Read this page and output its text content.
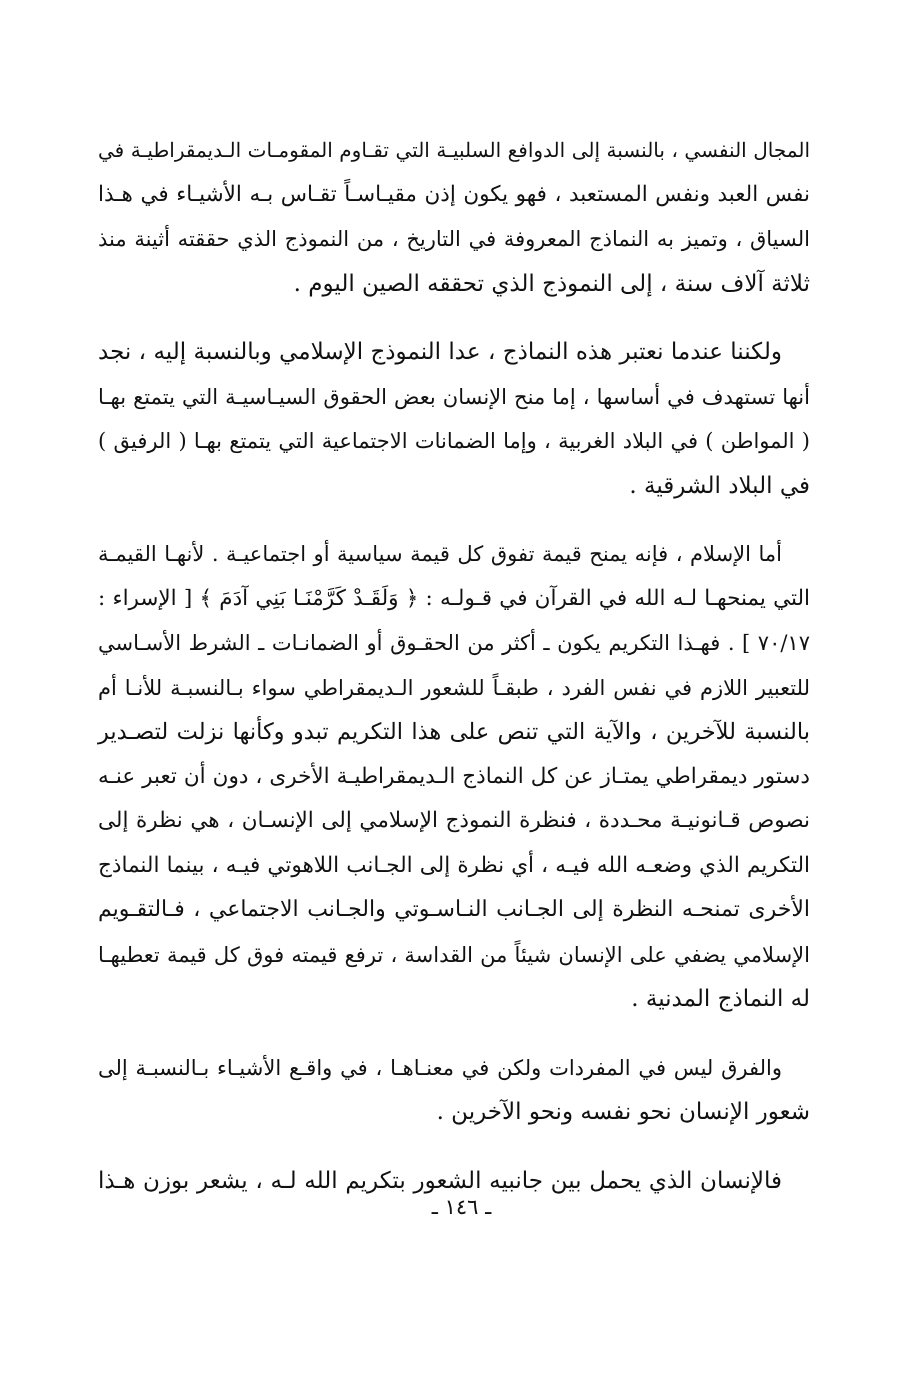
المجال النفسي ، بالنسبة إلى الدوافع السلبيـة التي تقـاوم المقومـات الـديمقراطيـة في
نفس العبد ونفس المستعبد ، فهو يكون إذن مقيـاسـاً تقـاس بـه الأشيـاء في هـذا
السياق ، وتميز به النماذج المعروفة في التاريخ ، من النموذج الذي حققته أثينة منذ
ثلاثة آلاف سنة ، إلى النموذج الذي تحققه الصين اليوم .
ولكننا عندما نعتبر هذه النماذج ، عدا النموذج الإسلامي وبالنسبة إليه ، نجد
أنها تستهدف في أساسها ، إما منح الإنسان بعض الحقوق السيـاسيـة التي يتمتع بهـا
( المواطن ) في البلاد الغربية ، وإما الضمانات الاجتماعية التي يتمتع بهـا ( الرفيق )
في البلاد الشرقية .
أما الإسلام ، فإنه يمنح قيمة تفوق كل قيمة سياسية أو اجتماعيـة . لأنهـا القيمـة
التي يمنحهـا لـه الله في القرآن في قـولـه : ﴿ وَلَقَـدْ كَرَّمْنَـا بَنِي آدَمَ ﴾ [ الإسراء :
٧٠/١٧ ] . فهـذا التكريم يكون ـ أكثر من الحقـوق أو الضمانـات ـ الشرط الأسـاسي
للتعبير اللازم في نفس الفرد ، طبقـاً للشعور الـديمقراطي سواء بـالنسبـة للأنـا أم
بالنسبة للآخرين ، والآية التي تنص على هذا التكريم تبدو وكأنها نزلت لتصـدير
دستور ديمقراطي يمتـاز عن كل النماذج الـديمقراطيـة الأخرى ، دون أن تعبر عنـه
نصوص قـانونيـة محـددة ، فنظرة النموذج الإسلامي إلى الإنسـان ، هي نظرة إلى
التكريم الذي وضعـه الله فيـه ، أي نظرة إلى الجـانب اللاهوتي فيـه ، بينما النماذج
الأخرى تمنحـه النظرة إلى الجـانب النـاسـوتي والجـانب الاجتماعي ، فـالتقـويم
الإسلامي يضفي على الإنسان شيئاً من القداسة ، ترفع قيمته فوق كل قيمة تعطيهـا
له النماذج المدنية .
والفرق ليس في المفردات ولكن في معنـاهـا ، في واقـع الأشيـاء بـالنسبـة إلى
شعور الإنسان نحو نفسه ونحو الآخرين .
فالإنسان الذي يحمل بين جانبيه الشعور بتكريم الله لـه ، يشعر بوزن هـذا
ـ ١٤٦ ـ
